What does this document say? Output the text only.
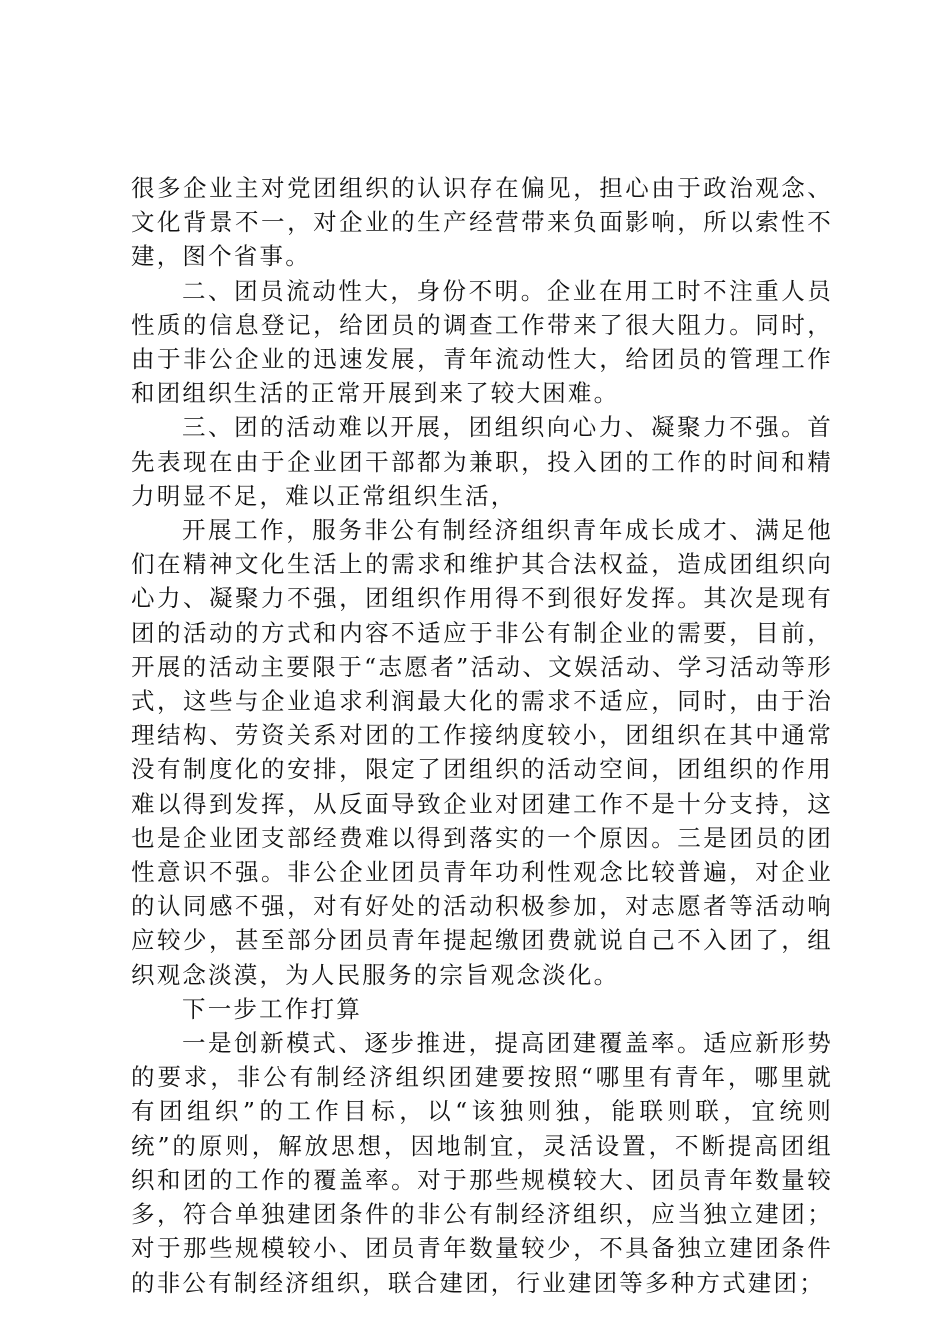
很多企业主对党团组织的认识存在偏见，担心由于政治观念、文化背景不一，对企业的生产经营带来负面影响，所以索性不建，图个省事。

二、团员流动性大，身份不明。企业在用工时不注重人员性质的信息登记，给团员的调查工作带来了很大阻力。同时，由于非公企业的迅速发展，青年流动性大，给团员的管理工作和团组织生活的正常开展到来了较大困难。

三、团的活动难以开展，团组织向心力、凝聚力不强。首先表现在由于企业团干部都为兼职，投入团的工作的时间和精力明显不足，难以正常组织生活，

开展工作，服务非公有制经济组织青年成长成才、满足他们在精神文化生活上的需求和维护其合法权益，造成团组织向心力、凝聚力不强，团组织作用得不到很好发挥。其次是现有团的活动的方式和内容不适应于非公有制企业的需要，目前，开展的活动主要限于“志愿者”活动、文娱活动、学习活动等形式，这些与企业追求利润最大化的需求不适应，同时，由于治理结构、劳资关系对团的工作接纳度较小，团组织在其中通常没有制度化的安排，限定了团组织的活动空间，团组织的作用难以得到发挥，从反面导致企业对团建工作不是十分支持，这也是企业团支部经费难以得到落实的一个原因。三是团员的团性意识不强。非公企业团员青年功利性观念比较普遍，对企业的认同感不强，对有好处的活动积极参加，对志愿者等活动响应较少，甚至部分团员青年提起缴团费就说自己不入团了，组织观念淡漠，为人民服务的宗旨观念淡化。

下一步工作打算

一是创新模式、逐步推进，提高团建覆盖率。适应新形势的要求，非公有制经济组织团建要按照“哪里有青年，哪里就有团组织”的工作目标，以“该独则独，能联则联，宜统则统”的原则，解放思想，因地制宜，灵活设置，不断提高团组织和团的工作的覆盖率。对于那些规模较大、团员青年数量较多，符合单独建团条件的非公有制经济组织，应当独立建团；对于那些规模较小、团员青年数量较少，不具备独立建团条件的非公有制经济组织，联合建团，行业建团等多种方式建团；
